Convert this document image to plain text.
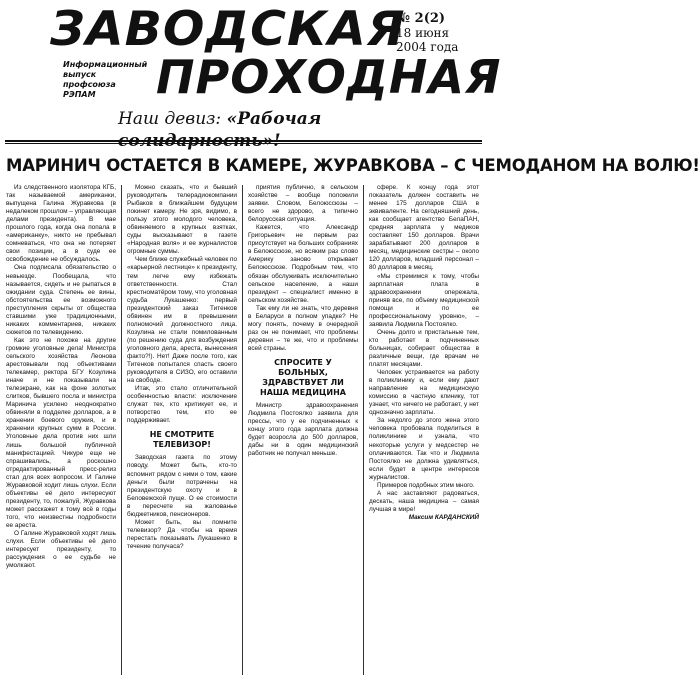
ЗАВОДСКАЯ
ПРОХОДНАЯ
№ 2(2)
18 июня
2004 года
Информационный
выпуск
профсоюза
РЭПАМ
Наш девиз: «Рабочая
МАРИНИЧ ОСТАЕТСЯ В КАМЕРЕ, ЖУРАВКОВА – С ЧЕМОДАНОМ НА ВОЛЮ!

Из следственного изолятора КГБ, так называемой американки, выпущена Галина Журавкова (в недалеком прошлом – управляющая делами президента). В мае прошлого года, когда она попала в «американку», никто не пребывал сомневаться, что она не потеряет свои позиции, а в суде ее освобождение не обсуждалось.

Она подписала обязательство о невыезде. Пообещала, что называется, сидеть и не рыпаться в ожидании суда. Степень ее вины, обстоятельства ее возможного преступления скрыты от общества ставшими уже традиционными, никаких комментариев, никаких сюжетов по телевидению.

Как это не похоже на другие громкие уголовные дела! Министра сельского хозяйства Леонова арестовывали под объективами телекамер, ректора БГУ Козулина иначе и не показывали на телеэкране, как на фоне золотых слитков, бывшего посла и министра Маринича усилено неоднократно обвиняли в подделке долларов, а в хранении боевого оружия, и в хранении крупных сумм в России. Уголовные дела против них шли лишь большой публичной манифестацией. Чикуре еще не спрашивались, а роскошно отредактированный пресс-релиз стал для всех вопросом. И Галине Журавковой ходит лишь слухи. Если объективы её дело интересуют президенту, то, пожалуй, Журавкова может расскажет к тому всё в годы того, что неизвестны подробности ее ареста.

О Галине Журавковой ходят лишь слухи. Если объективы её дело интересует президенту, то рассуждения о ее судьбе не умолкают.

Можно сказать, что и бывший руководитель телерадиокомпании Рыбаков в ближайшем будущем покинет камеру. Не зря, видимо, в пользу этого молодого человека, обвиняемого в крупных взятках, суды высказывают в газете «Народная воля» и ее журналистов огромные суммы.

Чем ближе служебный человек по «карьерной лестнице» к президенту, тем легче ему избежать ответственности. Стал крестноматёром тому, что уголовная судьба Лукашенко: первый президентский заказ Титенков обвинен им в превышении полномочий должностного лица. Козулина не стали помилованным (по решению суда для возбуждения уголовного дела, ареста, вынесения факто?!). Нет! Даже после того, как Титенков попытался спасть своего руководителя в СИЗО, его оставили на свободе.

Итак, это стало отличительной особенностью власти: исключение служат тех, кто критикует ее, и потворство тем, кто ее поддерживает.

НЕ СМОТРИТЕ ТЕЛЕВИЗОР!

Заводская газета по этому поводу. Может быть, кто-то вспомнит рядом с ними о том, какие деньги были потрачены на президентскую охоту и в Беловежской пуще. О ее стоимости в пересчете на жалованье бюджетников, пенсионеров.

Может быть, вы помните телевизор? Да чтобы на время перестать показывать Лукашенко в течение получаса?

приятия публично, в сельском хозяйстве – вообще положили заявки. Словом, Белоюссюзы – всего не здорово, а типично белорусская ситуация.

Кажется, что Александр Григорьевич не первым раз присутствует на больших собраниях в Белоюссюзе, но всяким раз слово Америку заново открывает Белоюссюзе. Подробным тем, что обязан обслуживать исключительно сельское население, а наши президент – специалист именно в сельском хозяйстве.

Так ему ли не знать, что деревня в Беларуси в полном упадке? Не могу понять, почему в очередной раз он не понимает, что проблемы деревни – те же, что и проблемы всей страны.

СПРОСИТЕ У БОЛЬНЫХ, ЗДРАВСТВУЕТ ЛИ НАША МЕДИЦИНА

Министр здравоохранения Людмила Постоялко заявила для прессы, что у ее подчиненных к концу этого года зарплата должна будет возросла до 500 долларов, дабы ни в один медицинский работник не получал меньше.

сфере. К концу года этот показатель должен составить не менее 175 долларов США в эквиваленте. На сегодняшний день, как сообщает агентство БелаПАН, средняя зарплата у медиков составляет 150 долларов. Врачи зарабатывают 200 долларов в месяц, медицинские сестры – около 120 долларов, младший персонал – 80 долларов в месяц.

«Мы стремимся к тому, чтобы зарплатная плата в здравоохранении опережала, приняв все, по объему медицинской помощи и по ее профессиональному уровню», – заявила Людмила Постоялко.

Очень долго и пристальные тем, кто работает в подчиненных больницах, собирает общества в различные вещи, где врачам не платят месяцами.

Человек устраивается на работу в поликлинику и, если ему дают направление на медицинскую комиссию в частную клинику, тот узнает, что ничего не работает, у нет однозначно зарплаты.

За недолго до этого жена этого человека пробовала поделиться в поликлинике и узнала, что некоторые услуги у медсестер не оплачиваются. Так что и Людмила Постоялко не должна удивляться, если будет в центре интересов журналистов.

Примеров подобных этим много.

А нас заставляют радоваться, дескать, наша медицина – самая лучшая в мире!

Максим КАРДАНСКИЙ
